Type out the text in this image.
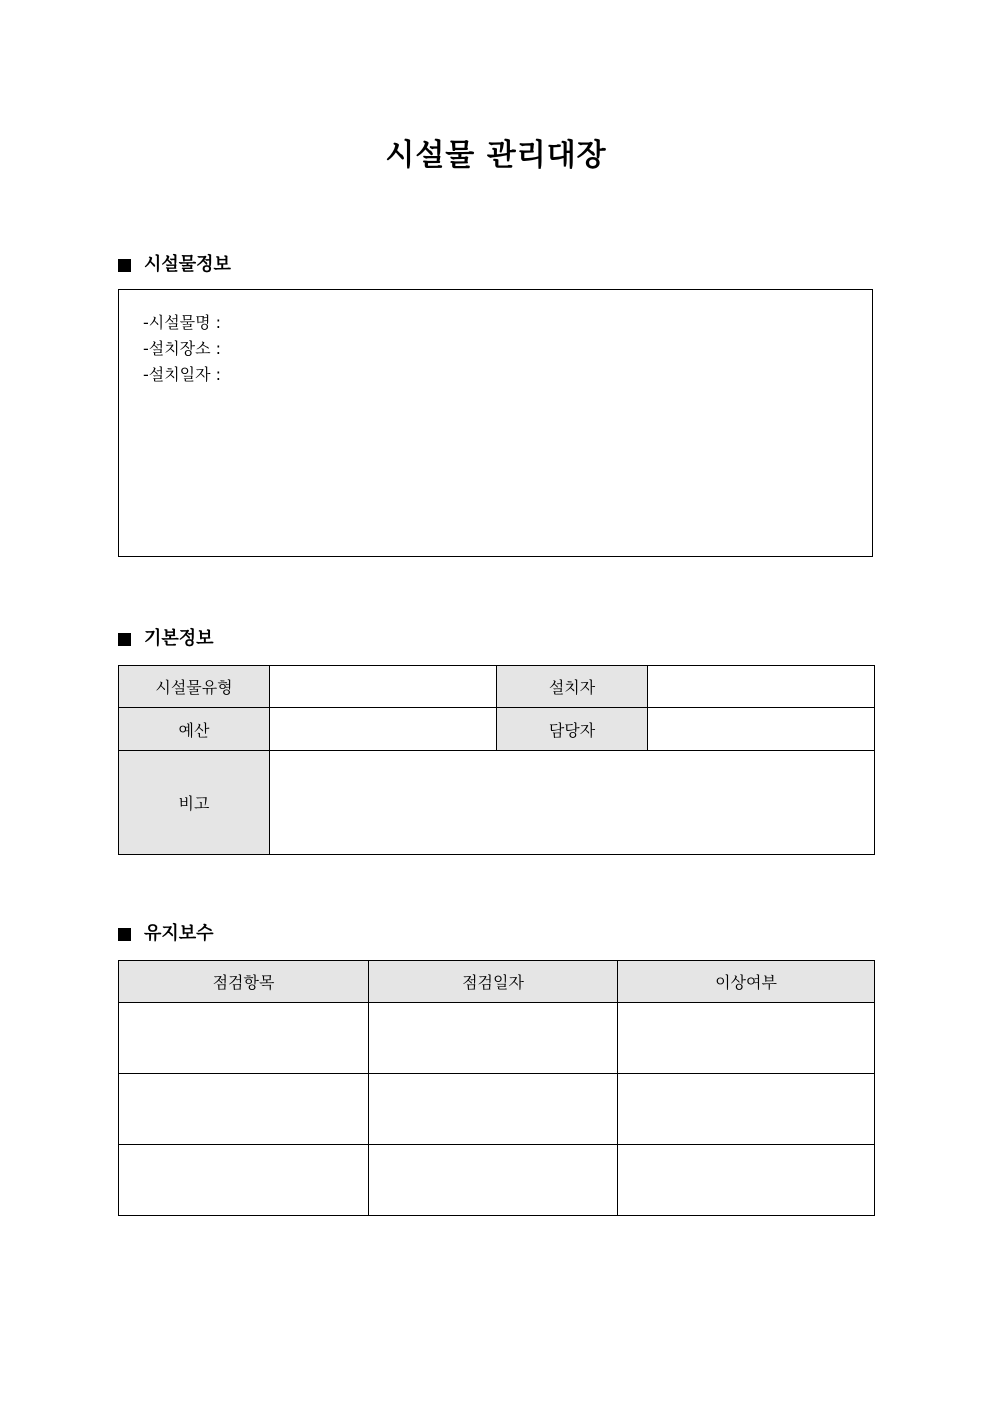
시설물 관리대장
시설물정보
-시설물명 :
-설치장소 :
-설치일자 :
기본정보
시설물유형		설치자	
예산		담당자	
비고			
유지보수
점검항목	점검일자	이상여부
